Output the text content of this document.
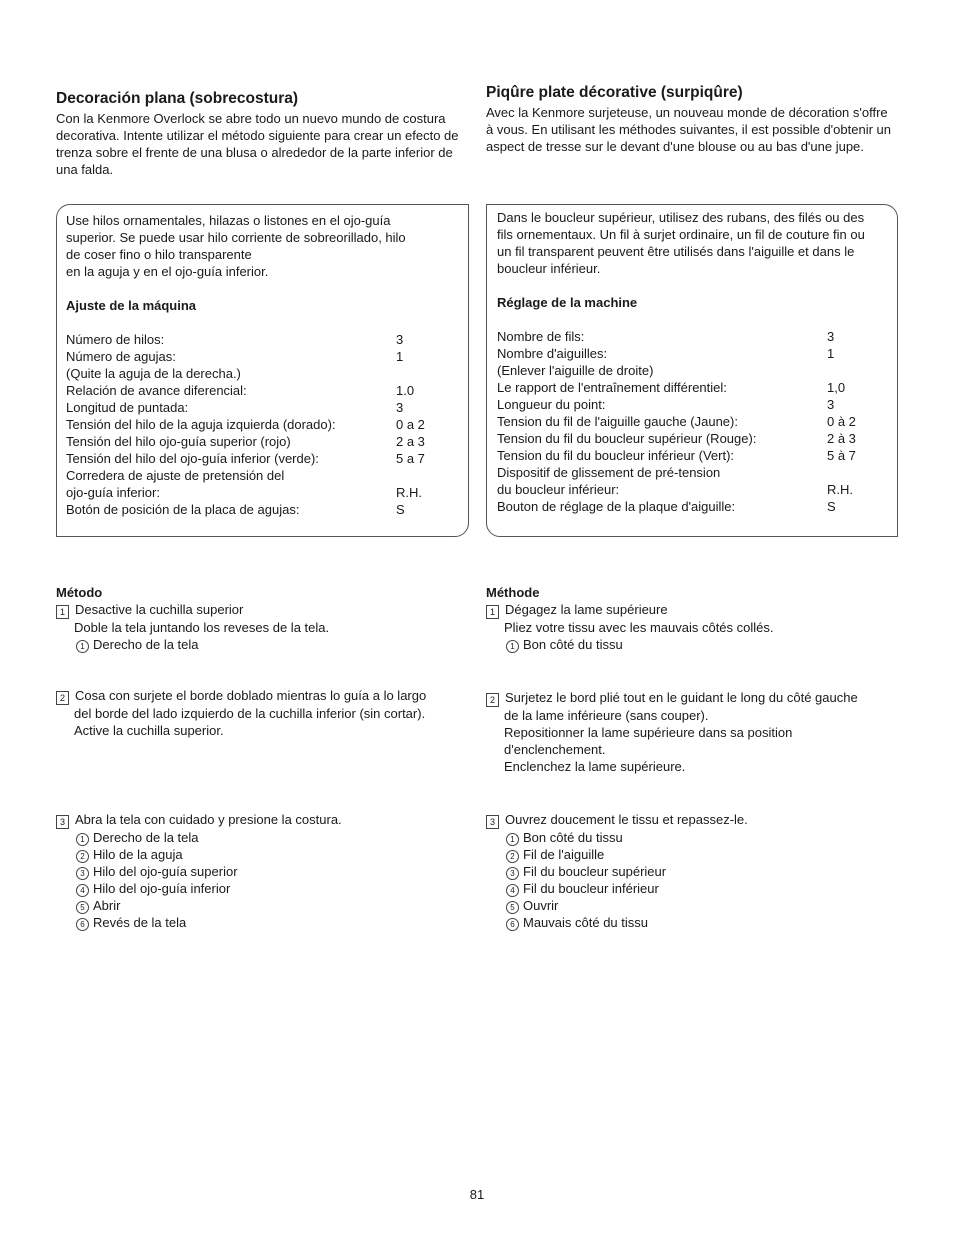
Decoración plana (sobrecostura)
Con la Kenmore Overlock se abre todo un nuevo mundo de costura decorativa. Intente utilizar el método siguiente para crear un efecto de trenza sobre el frente de una blusa o alrededor de la parte inferior de una falda.
Use hilos ornamentales, hilazas o listones en el ojo-guía
superior. Se puede usar hilo corriente de sobreorillado, hilo
de coser fino o hilo transparente
en la aguja y en el ojo-guía inferior.
Ajuste de la máquina
Número de hilos:	3
Número de agujas:	1
(Quite la aguja de la derecha.)
Relación de avance diferencial:	1.0
Longitud de puntada:	3
Tensión del hilo de la aguja izquierda (dorado):	0 a 2
Tensión del hilo ojo-guía superior (rojo)	2 a 3
Tensión del hilo del ojo-guía inferior (verde):	5 a 7
Corredera de ajuste de pretensión del
ojo-guía inferior:	R.H.
Botón de posición de la placa de agujas:	S
Método
1 Desactive la cuchilla superior
Doble la tela juntando los reveses de la tela.
1 Derecho de la tela
2 Cosa con surjete el borde doblado mientras lo guía a lo largo
del borde del lado izquierdo de la cuchilla inferior (sin cortar).
Active la cuchilla superior.
3 Abra la tela con cuidado y presione la costura.
1 Derecho de la tela
2 Hilo de la aguja
3 Hilo del ojo-guía superior
4 Hilo del ojo-guía inferior
5 Abrir
6 Revés de la tela
Piqûre plate décorative (surpiqûre)
Avec la Kenmore surjeteuse, un nouveau monde de décoration s'offre à vous. En utilisant les méthodes suivantes, il est possible d'obtenir un aspect de tresse sur le devant d'une blouse ou au bas d'une jupe.
Dans le boucleur supérieur, utilisez des rubans, des filés ou des
fils ornementaux. Un fil à surjet ordinaire, un fil de couture fin ou
un fil transparent peuvent être utilisés dans l'aiguille et dans le
boucleur inférieur.
Réglage de la machine
Nombre de fils:	3
Nombre d'aiguilles:	1
(Enlever l'aiguille de droite)
Le rapport de l'entraînement différentiel:	1,0
Longueur du point:	3
Tension du fil de l'aiguille gauche (Jaune):	0 à 2
Tension du fil du boucleur supérieur (Rouge):	2 à 3
Tension du fil du boucleur inférieur (Vert):	5 à 7
Dispositif de glissement de pré-tension
du boucleur inférieur:	R.H.
Bouton de réglage de la plaque d'aiguille:	S
Méthode
1 Dégagez la lame supérieure
Pliez votre tissu avec les mauvais côtés collés.
1 Bon côté du tissu
2 Surjetez le bord plié tout en le guidant le long du côté gauche
de la lame inférieure (sans couper).
Repositionner la lame supérieure dans sa position
d'enclenchement.
Enclenchez la lame supérieure.
3 Ouvrez doucement le tissu et repassez-le.
1 Bon côté du tissu
2 Fil de l'aiguille
3 Fil du boucleur supérieur
4 Fil du boucleur inférieur
5 Ouvrir
6 Mauvais côté du tissu
81
